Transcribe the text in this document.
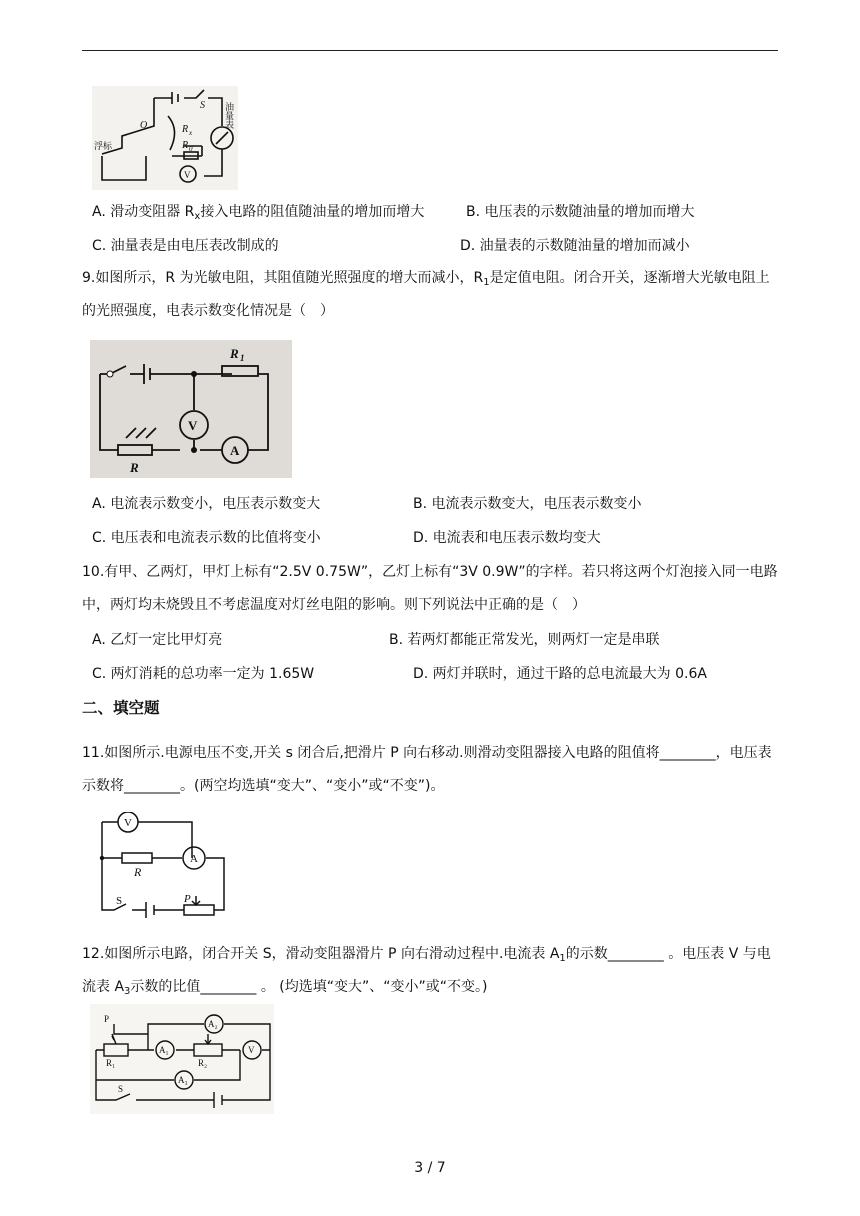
S
O	R x
R 0
V
浮标
油量表
A. 滑动变阻器 $R_x$接入电路的阻值随油量的增加而增大	B. 电压表的示数随油量的增加而增大
C. 油量表是由电压表改制成的	D. 油量表的示数随油量的增加而减小
9.如图所示，R 为光敏电阻，其阻值随光照强度的增大而减小，$R_1$是定值电阻。闭合开关，逐渐增大光敏电阻上的光照强度，电表示数变化情况是（　）
R 1
V
A
R
A. 电流表示数变小，电压表示数变大	B. 电流表示数变大，电压表示数变小
C. 电压表和电流表示数的比值将变小	D. 电流表和电压表示数均变大
10.有甲、乙两灯，甲灯上标有“2.5V 0.75W”，乙灯上标有“3V 0.9W”的字样。若只将这两个灯泡接入同一电路中，两灯均未烧毁且不考虑温度对灯丝电阻的影响。则下列说法中正确的是（　）
A. 乙灯一定比甲灯亮	B. 若两灯都能正常发光，则两灯一定是串联
C. 两灯消耗的总功率一定为 1.65W	D. 两灯并联时，通过干路的总电流最大为 0.6A
二、填空题
11.如图所示.电源电压不变,开关 s 闭合后,把滑片 P 向右移动.则滑动变阻器接入电路的阻值将________，电压表示数将________。(两空均选填“变大”、“变小”或“不变”)。
V
A
R
S	P
12.如图所示电路，闭合开关 S，滑动变阻器滑片 P 向右滑动过程中.电流表 $A_1$的示数________ 。电压表 V 与电流表 $A_3$示数的比值________ 。 (均选填“变大”、“变小”或“不变。)
P
R₁
A₁
R₂
V
A₂
A₃
S
3 / 7
